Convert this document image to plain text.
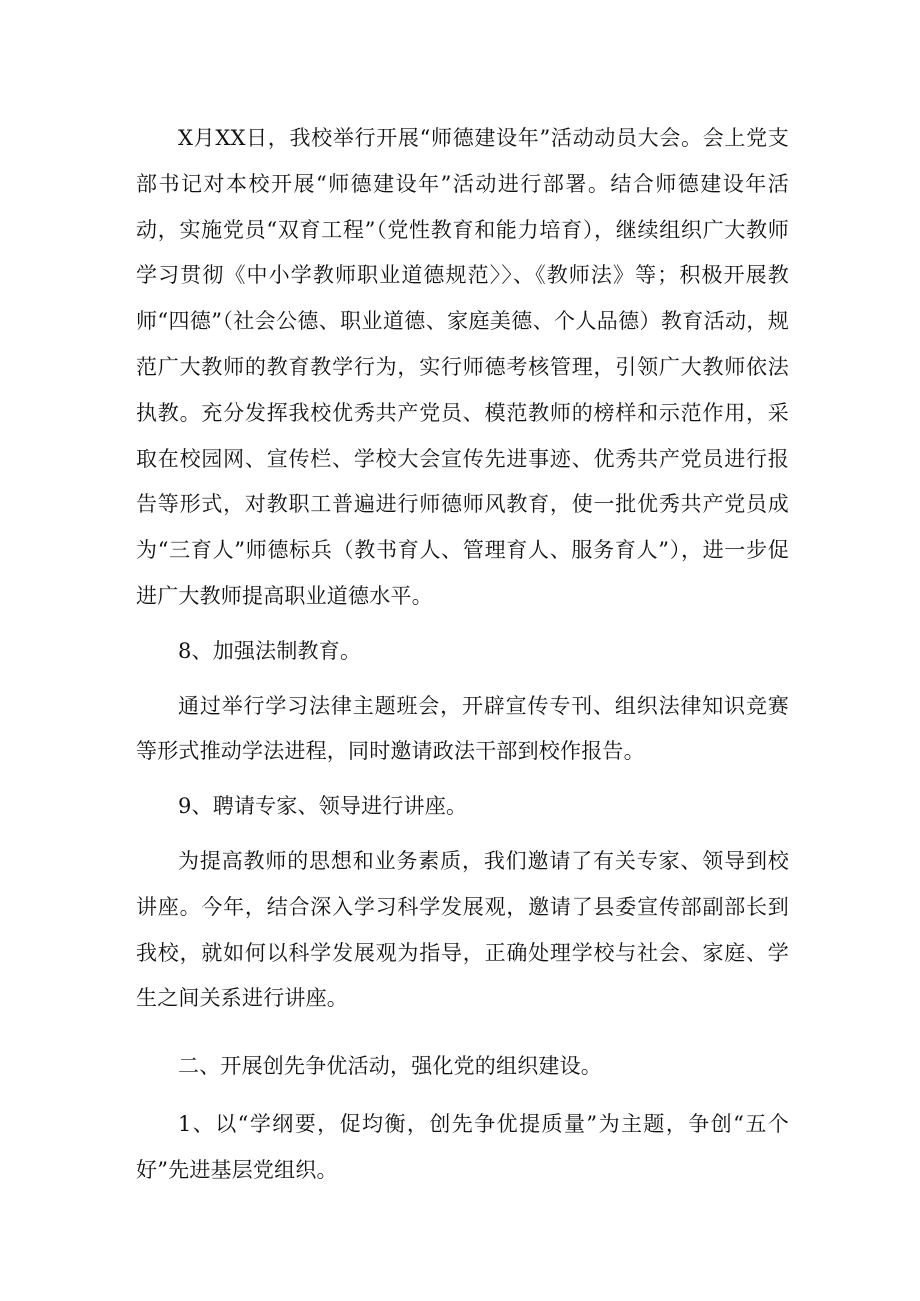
X月XX日，我校举行开展“师德建设年”活动动员大会。会上党支部书记对本校开展“师德建设年”活动进行部署。结合师德建设年活动，实施党员“双育工程”（党性教育和能力培育），继续组织广大教师学习贯彻《中小学教师职业道德规范〉〉、《教师法》等；积极开展教师“四德”（社会公德、职业道德、家庭美德、个人品德）教育活动，规范广大教师的教育教学行为，实行师德考核管理，引领广大教师依法执教。充分发挥我校优秀共产党员、模范教师的榜样和示范作用，采取在校园网、宣传栏、学校大会宣传先进事迹、优秀共产党员进行报告等形式，对教职工普遍进行师德师风教育，使一批优秀共产党员成为“三育人”师德标兵（教书育人、管理育人、服务育人”），进一步促进广大教师提高职业道德水平。

8、加强法制教育。

通过举行学习法律主题班会，开辟宣传专刊、组织法律知识竞赛等形式推动学法进程，同时邀请政法干部到校作报告。

9、聘请专家、领导进行讲座。

为提高教师的思想和业务素质，我们邀请了有关专家、领导到校讲座。今年，结合深入学习科学发展观，邀请了县委宣传部副部长到我校，就如何以科学发展观为指导，正确处理学校与社会、家庭、学生之间关系进行讲座。

二、开展创先争优活动，强化党的组织建设。

1、以“学纲要，促均衡，创先争优提质量”为主题，争创“五个好”先进基层党组织。
